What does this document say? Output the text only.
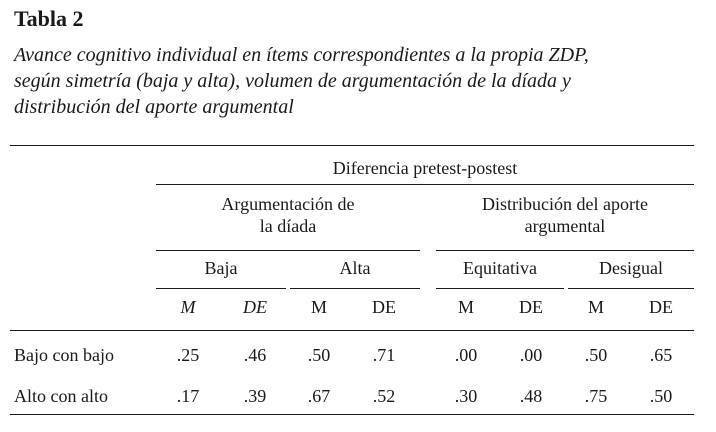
Tabla 2
Avance cognitivo individual en ítems correspondientes a la propia ZDP,
según simetría (baja y alta), volumen de argumentación de la díada y
distribución del aporte argumental
Diferencia pretest-postest
Argumentación de
la díada
Distribución del aporte
argumental
Baja	Alta	Equitativa	Desigual
M	DE	M	DE	M	DE	M	DE
Bajo con bajo	.25	.46	.50	.71	.00	.00	.50	.65
Alto con alto	.17	.39	.67	.52	.30	.48	.75	.50
